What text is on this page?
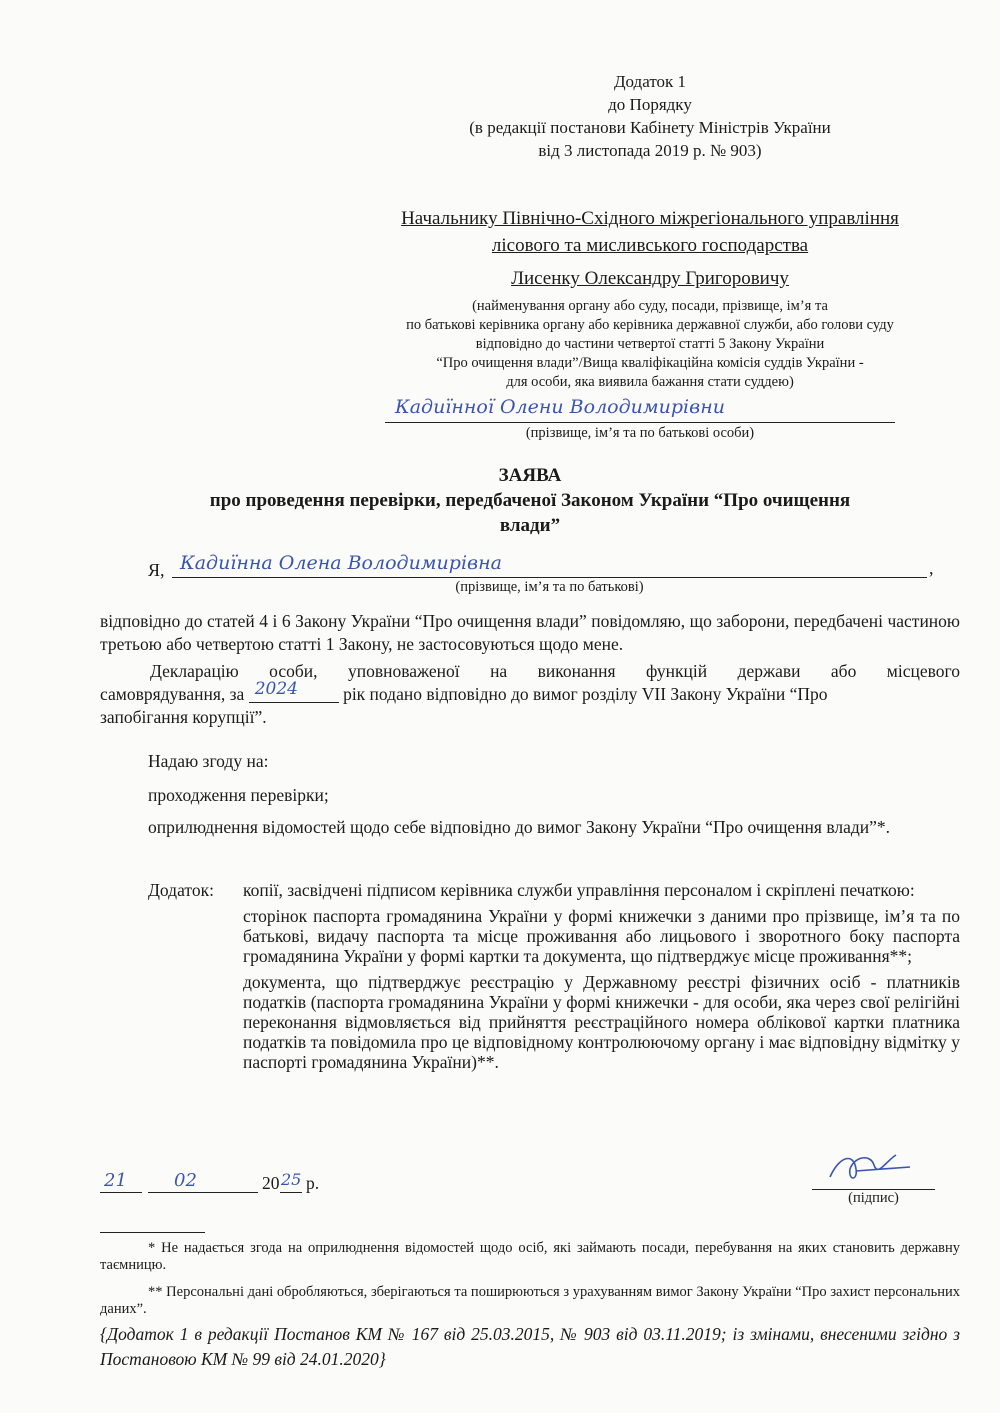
Додаток 1
до Порядку
(в редакції постанови Кабінету Міністрів України
від 3 листопада 2019 р. № 903)
Начальнику Північно-Східного міжрегіонального управління
лісового та мисливського господарства
Лисенку Олександру Григоровичу
(найменування органу або суду, посади, прізвище, ім’я та
по батькові керівника органу або керівника державної служби, або голови суду
відповідно до частини четвертої статті 5 Закону України
“Про очищення влади”/Вища кваліфікаційна комісія суддів України -
для особи, яка виявила бажання стати суддею)
Кадиїнної Олени Володимирівни
(прізвище, ім’я та по батькові особи)
ЗАЯВА
про проведення перевірки, передбаченої Законом України “Про очищення
влади”
Я, Кадиїнна Олена Володимирівна	,
(прізвище, ім’я та по батькові)
відповідно до статей 4 і 6 Закону України “Про очищення влади” повідомляю, що заборони, передбачені частиною третьою або четвертою статті 1 Закону, не застосовуються щодо мене.
Декларацію особи, уповноваженої на виконання функцій держави або місцевого
самоврядування, за 2024	рік подано відповідно до вимог розділу VII Закону України “Про
запобігання корупції”.
Надаю згоду на:
проходження перевірки;
оприлюднення відомостей щодо себе відповідно до вимог Закону України “Про очищення влади”*.
Додаток: копії, засвідчені підписом керівника служби управління персоналом і скріплені печаткою:
сторінок паспорта громадянина України у формі книжечки з даними про прізвище, ім’я та по батькові, видачу паспорта та місце проживання або лицьового і зворотного боку паспорта громадянина України у формі картки та документа, що підтверджує місце проживання**;
документа, що підтверджує реєстрацію у Державному реєстрі фізичних осіб - платників податків (паспорта громадянина України у формі книжечки - для особи, яка через свої релігійні переконання відмовляється від прийняття реєстраційного номера облікової картки платника податків та повідомила про це відповідному контролюючому органу і має відповідну відмітку у паспорті громадянина України)**.
21	02	20 25 р.
(підпис)
* Не надається згода на оприлюднення відомостей щодо осіб, які займають посади, перебування на яких становить державну таємницю.
** Персональні дані обробляються, зберігаються та поширюються з урахуванням вимог Закону України “Про захист персональних даних”.
{Додаток 1 в редакції Постанов КМ № 167 від 25.03.2015, № 903 від 03.11.2019; із змінами, внесеними згідно з Постановою КМ № 99 від 24.01.2020}
